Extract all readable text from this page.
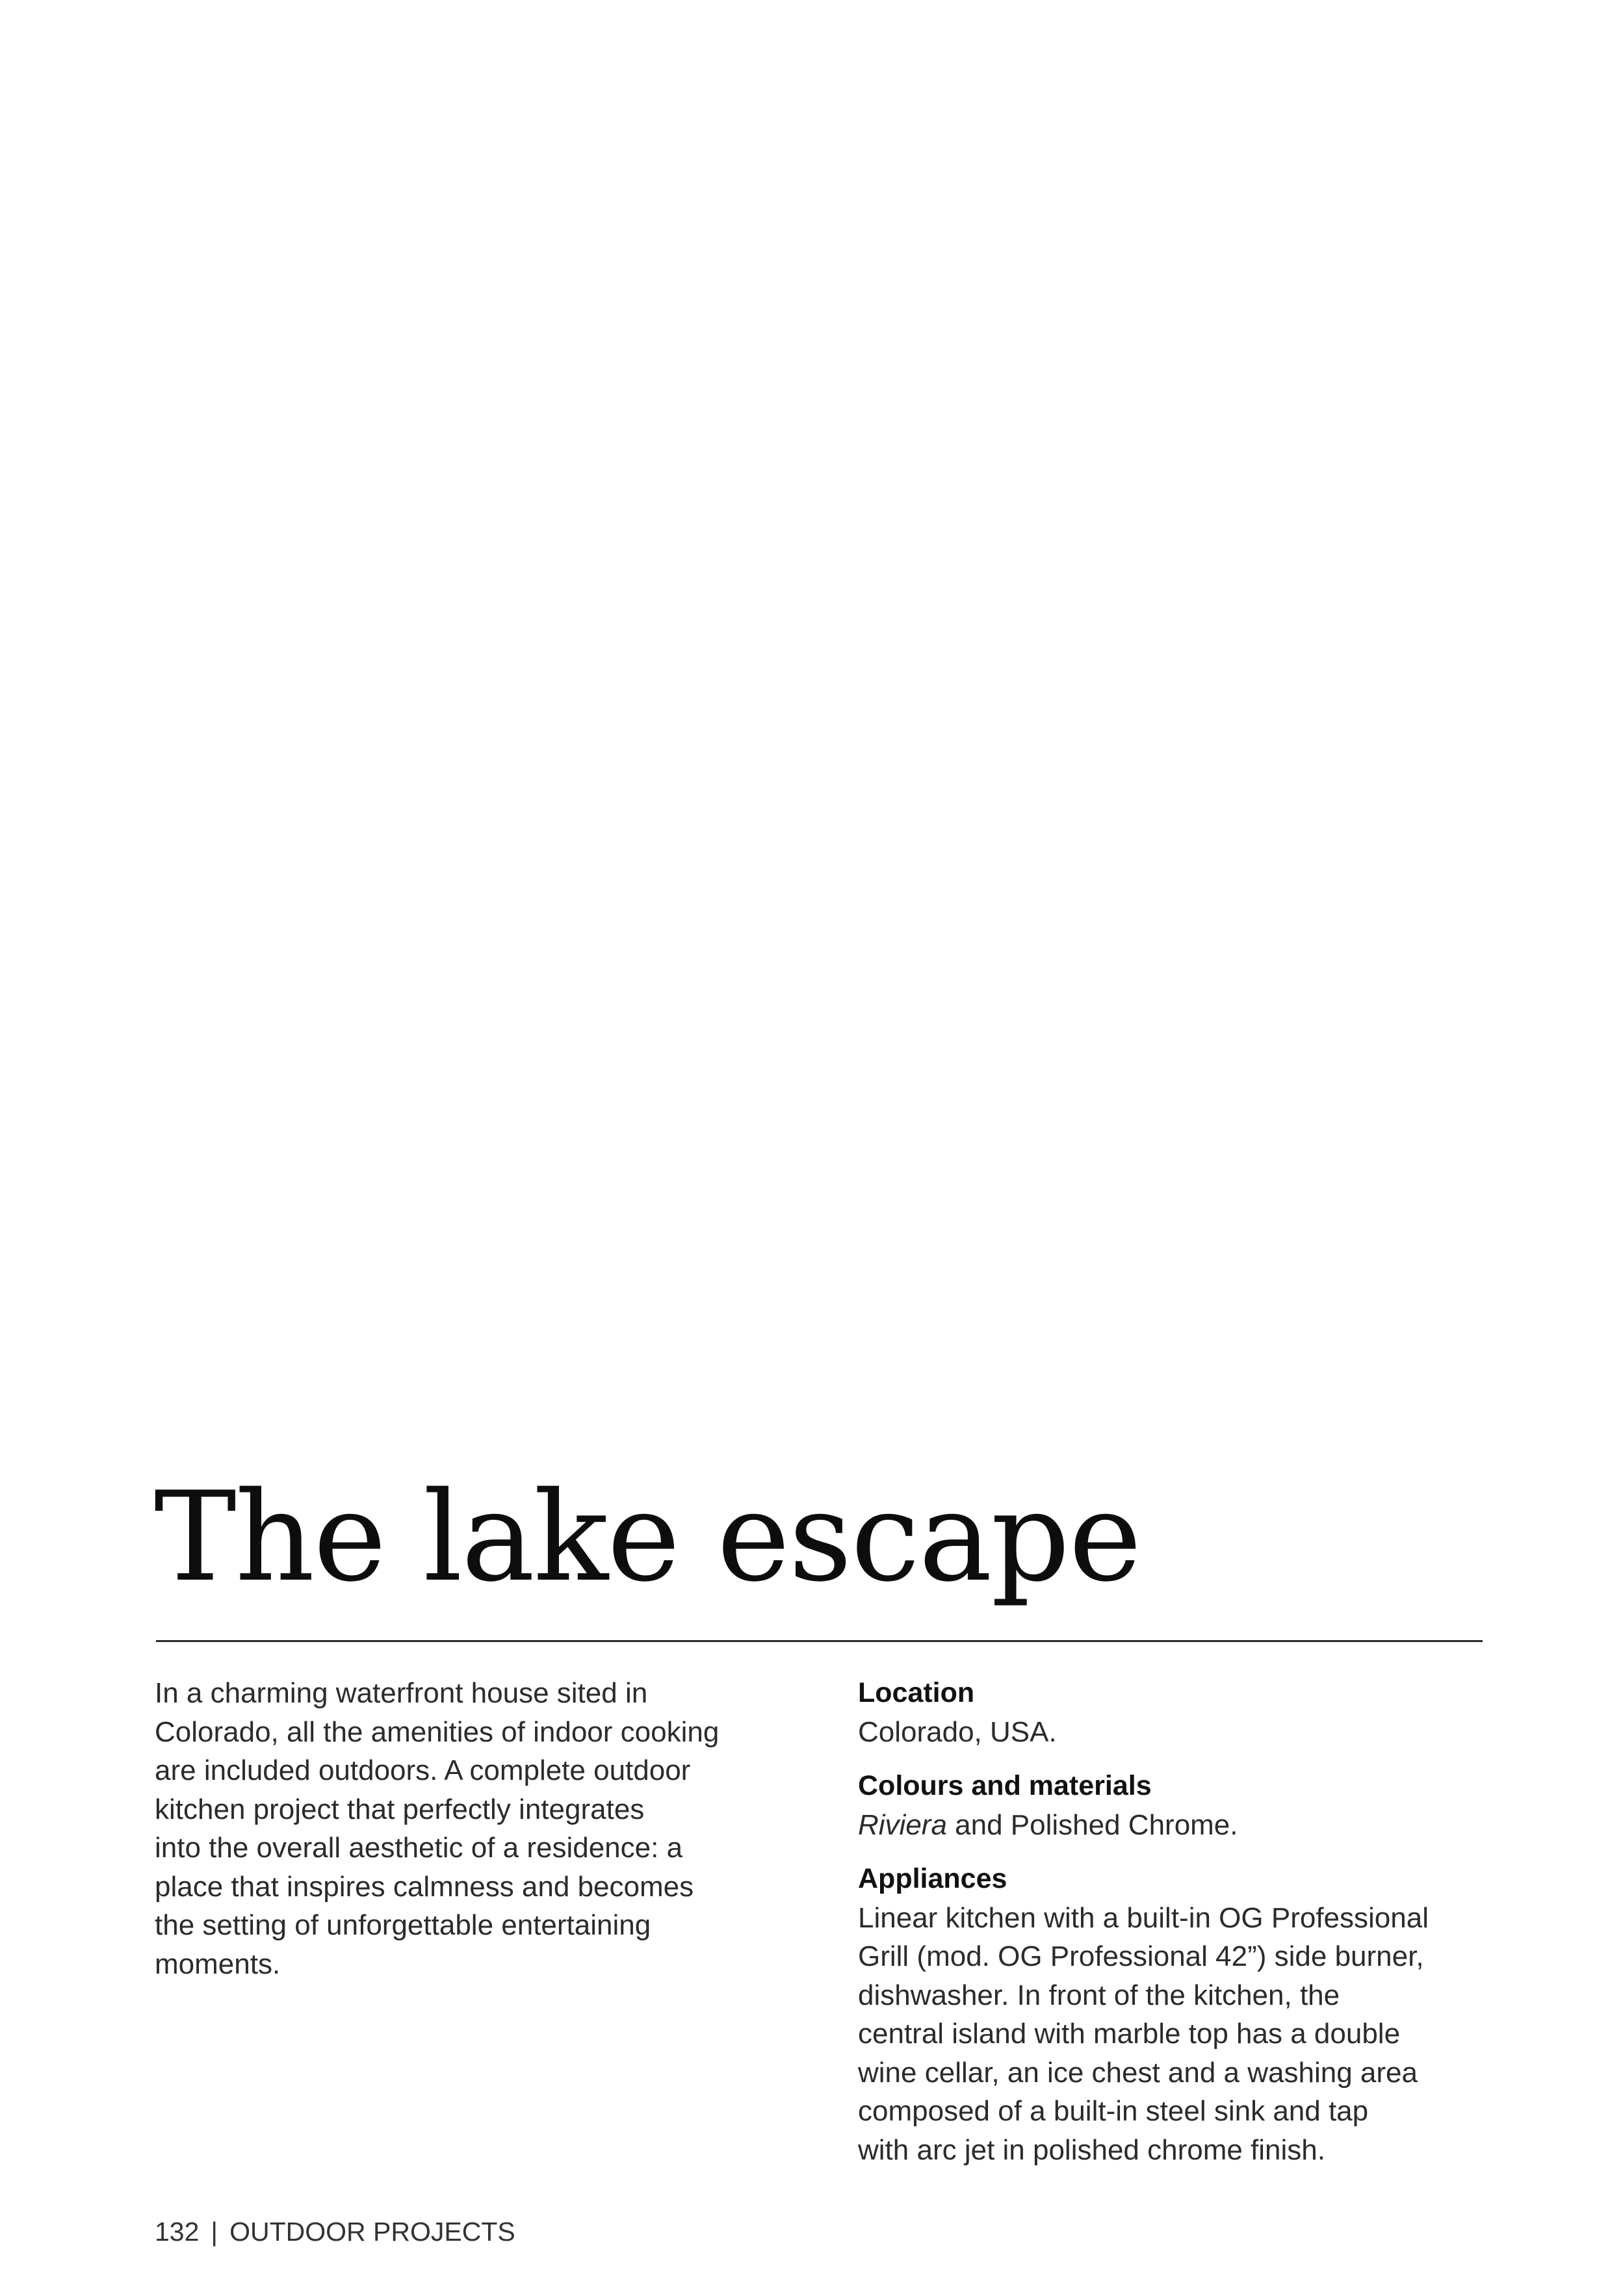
The lake escape

In a charming waterfront house sited in
Colorado, all the amenities of indoor cooking
are included outdoors. A complete outdoor
kitchen project that perfectly integrates
into the overall aesthetic of a residence: a
place that inspires calmness and becomes
the setting of unforgettable entertaining
moments.

Location
Colorado, USA.
Colours and materials
Riviera and Polished Chrome.
Appliances
Linear kitchen with a built-in OG Professional
Grill (mod. OG Professional 42”) side burner,
dishwasher. In front of the kitchen, the
central island with marble top has a double
wine cellar, an ice chest and a washing area
composed of a built-in steel sink and tap
with arc jet in polished chrome finish.
132 | OUTDOOR PROJECTS
